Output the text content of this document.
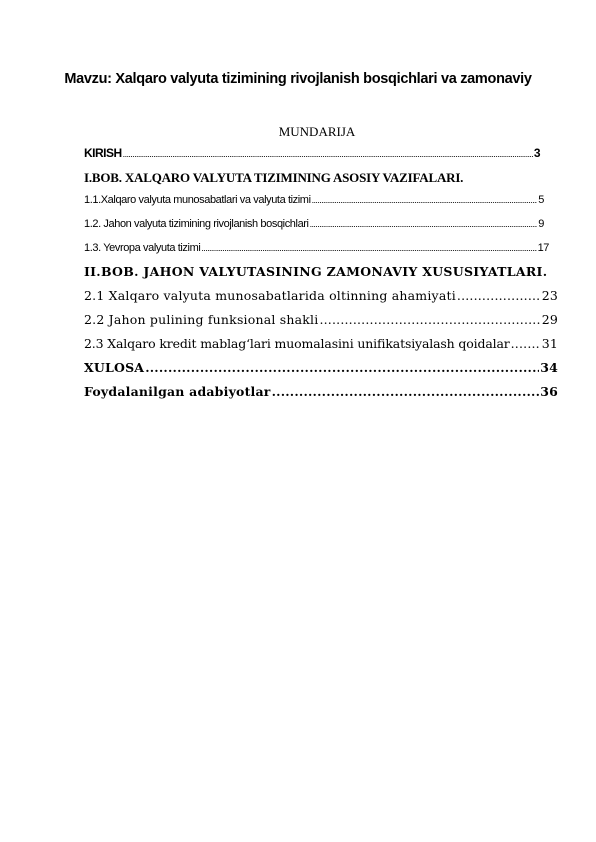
Mavzu: Xalqaro valyuta tizimining rivojlanish bosqichlari va zamonaviy
MUNDARIJA
KIRISH .....	3
I.BOB. XALQARO VALYUTA TIZIMINING ASOSIY VAZIFALARI.
1.1.Xalqaro valyuta munosabatlari va valyuta tizimi .....	5
1.2. Jahon valyuta tizimining rivojlanish bosqichlari .....	9
1.3. Yevropa valyuta tizimi .....	17
II.BOB. JAHON VALYUTASINING ZAMONAVIY XUSUSIYATLARI.
2.1 Xalqaro valyuta munosabatlarida oltinning ahamiyati .....	23
2.2 Jahon pulining funksional shakli .....	29
2.3 Xalqaro kredit mablag‘lari muomalasini unifikatsiyalash qoidalar .....	31
XULOSA .....	34
Foydalanilgan adabiyotlar .....	36
